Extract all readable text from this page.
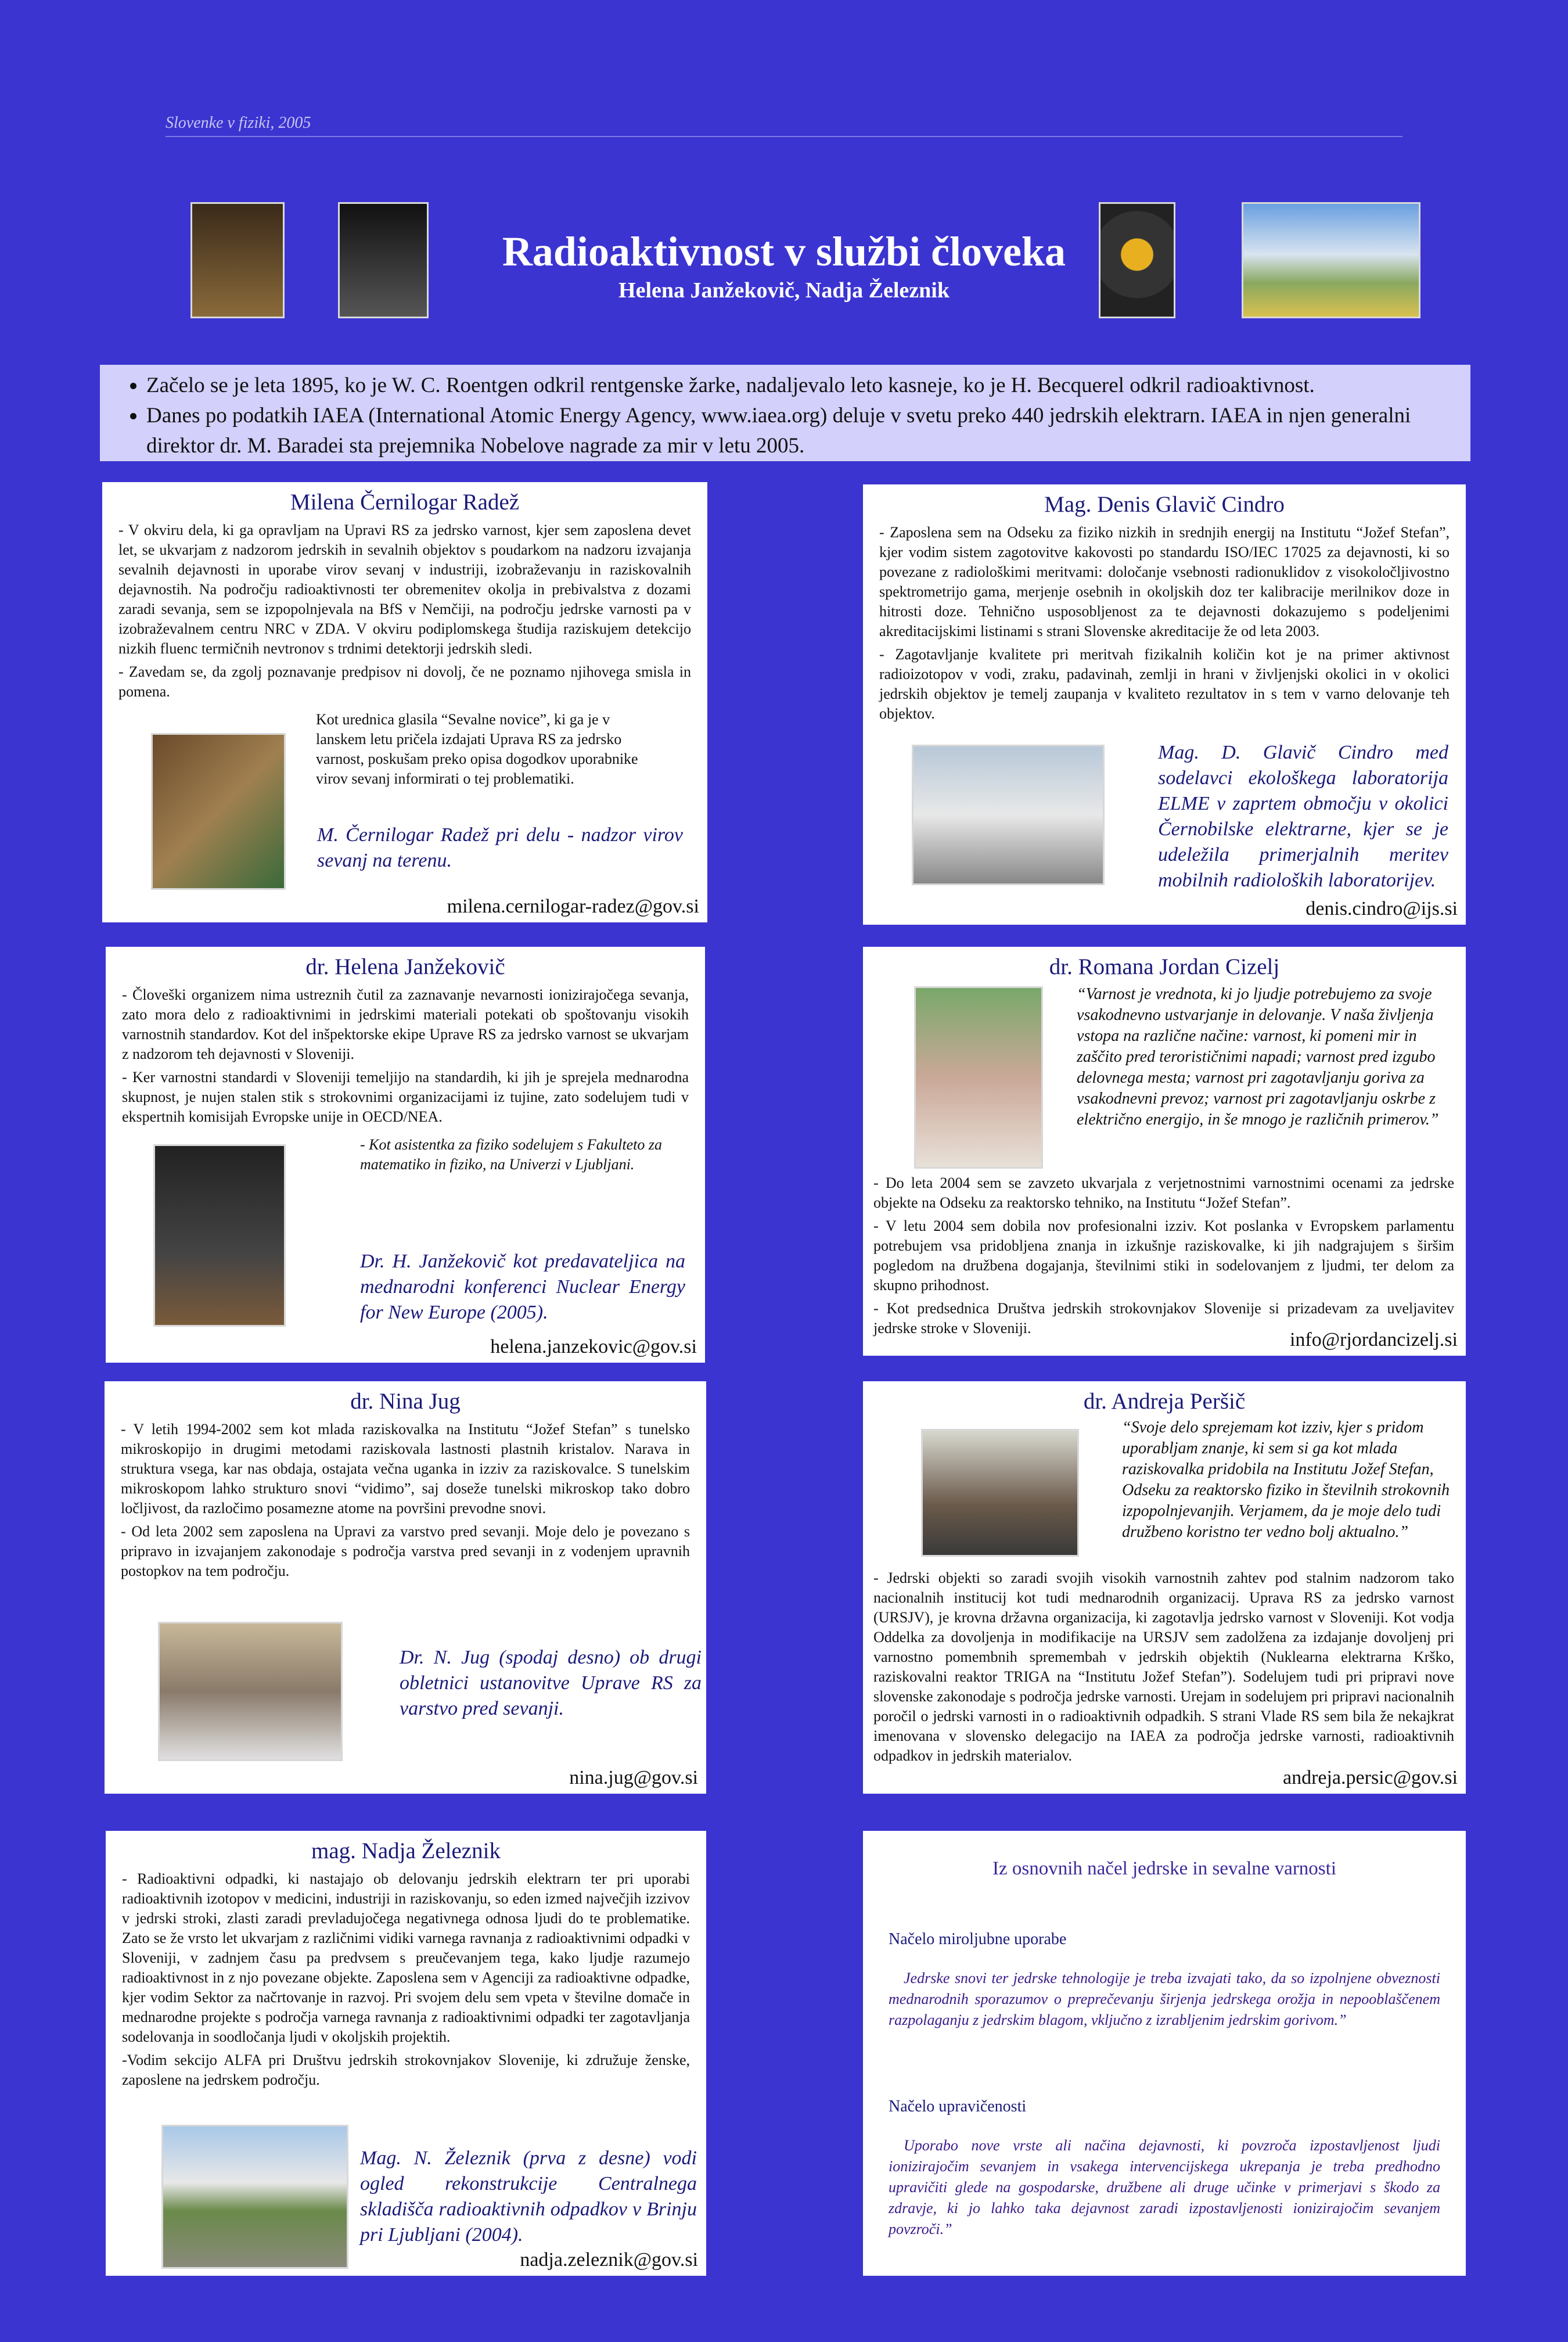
Slovenke v fiziki, 2005
Radioaktivnost v službi človeka
Helena Janžekovič, Nadja Železnik
• Začelo se je leta 1895, ko je W. C. Roentgen odkril rentgenske žarke, nadaljevalo leto kasneje, ko je H. Becquerel odkril radioaktivnost.
• Danes po podatkih IAEA (International Atomic Energy Agency, www.iaea.org) deluje v svetu preko 440 jedrskih elektrarn. IAEA in njen generalni direktor dr. M. Baradei sta prejemnika Nobelove nagrade za mir v letu 2005.
Milena Černilogar Radež

- V okviru dela, ki ga opravljam na Upravi RS za jedrsko varnost, kjer sem zaposlena devet let, se ukvarjam z nadzorom jedrskih in sevalnih objektov s poudarkom na nadzoru izvajanja sevalnih dejavnosti in uporabe virov sevanj v industriji, izobraževanju in raziskovalnih dejavnostih. Na področju radioaktivnosti ter obremenitev okolja in prebivalstva z dozami zaradi sevanja, sem se izpopolnjevala na BfS v Nemčiji, na področju jedrske varnosti pa v izobraževalnem centru NRC v ZDA. V okviru podiplomskega študija raziskujem detekcijo nizkih fluenc termičnih nevtronov s trdnimi detektorji jedrskih sledi.

- Zavedam se, da zgolj poznavanje predpisov ni dovolj, če ne poznamo njihovega smisla in pomena.

Kot urednica glasila “Sevalne novice”, ki ga je v lanskem letu pričela izdajati Uprava RS za jedrsko varnost, poskušam preko opisa dogodkov uporabnike virov sevanj informirati o tej problematiki.
M. Černilogar Radež pri delu - nadzor virov sevanj na terenu.
milena.cernilogar-radez@gov.si
Mag. Denis Glavič Cindro

- Zaposlena sem na Odseku za fiziko nizkih in srednjih energij na Institutu “Jožef Stefan”, kjer vodim sistem zagotovitve kakovosti po standardu ISO/IEC 17025 za dejavnosti, ki so povezane z radiološkimi meritvami: določanje vsebnosti radionuklidov z visokoločljivostno spektrometrijo gama, merjenje osebnih in okoljskih doz ter kalibracije merilnikov doze in hitrosti doze. Tehnično usposobljenost za te dejavnosti dokazujemo s podeljenimi akreditacijskimi listinami s strani Slovenske akreditacije že od leta 2003.

- Zagotavljanje kvalitete pri meritvah fizikalnih količin kot je na primer aktivnost radioizotopov v vodi, zraku, padavinah, zemlji in hrani v življenjski okolici in v okolici jedrskih objektov je temelj zaupanja v kvaliteto rezultatov in s tem v varno delovanje teh objektov.

Mag. D. Glavič Cindro med sodelavci ekološkega laboratorija ELME v zaprtem območju v okolici Černobilske elektrarne, kjer se je udeležila primerjalnih meritev mobilnih radioloških laboratorijev.
denis.cindro@ijs.si
dr. Helena Janžekovič

- Človeški organizem nima ustreznih čutil za zaznavanje nevarnosti ionizirajočega sevanja, zato mora delo z radioaktivnimi in jedrskimi materiali potekati ob spoštovanju visokih varnostnih standardov. Kot del inšpektorske ekipe Uprave RS za jedrsko varnost se ukvarjam z nadzorom teh dejavnosti v Sloveniji.

- Ker varnostni standardi v Sloveniji temeljijo na standardih, ki jih je sprejela mednarodna skupnost, je nujen stalen stik s strokovnimi organizacijami iz tujine, zato sodelujem tudi v ekspertnih komisijah Evropske unije in OECD/NEA.

- Kot asistentka za fiziko sodelujem s Fakulteto za matematiko in fiziko, na Univerzi v Ljubljani.
Dr. H. Janžekovič kot predavateljica na mednarodni konferenci Nuclear Energy for New Europe (2005).
helena.janzekovic@gov.si
dr. Romana Jordan Cizelj
“Varnost je vrednota, ki jo ljudje potrebujemo za svoje vsakodnevno ustvarjanje in delovanje. V naša življenja vstopa na različne načine: varnost, ki pomeni mir in zaščito pred terorističnimi napadi; varnost pred izgubo delovnega mesta; varnost pri zagotavljanju goriva za vsakodnevni prevoz; varnost pri zagotavljanju oskrbe z električno energijo, in še mnogo je različnih primerov.”

- Do leta 2004 sem se zavzeto ukvarjala z verjetnostnimi varnostnimi ocenami za jedrske objekte na Odseku za reaktorsko tehniko, na Institutu “Jožef Stefan”.

- V letu 2004 sem dobila nov profesionalni izziv. Kot poslanka v Evropskem parlamentu potrebujem vsa pridobljena znanja in izkušnje raziskovalke, ki jih nadgrajujem s širšim pogledom na družbena dogajanja, številnimi stiki in sodelovanjem z ljudmi, ter delom za skupno prihodnost.

- Kot predsednica Društva jedrskih strokovnjakov Slovenije si prizadevam za uveljavitev jedrske stroke v Sloveniji.

info@rjordancizelj.si
dr. Nina Jug

- V letih 1994-2002 sem kot mlada raziskovalka na Institutu “Jožef Stefan” s tunelsko mikroskopijo in drugimi metodami raziskovala lastnosti plastnih kristalov. Narava in struktura vsega, kar nas obdaja, ostajata večna uganka in izziv za raziskovalce. S tunelskim mikroskopom lahko strukturo snovi “vidimo”, saj doseže tunelski mikroskop tako dobro ločljivost, da razločimo posamezne atome na površini prevodne snovi.

- Od leta 2002 sem zaposlena na Upravi za varstvo pred sevanji. Moje delo je povezano s pripravo in izvajanjem zakonodaje s področja varstva pred sevanji in z vodenjem upravnih postopkov na tem področju.

Dr. N. Jug (spodaj desno) ob drugi obletnici ustanovitve Uprave RS za varstvo pred sevanji.
nina.jug@gov.si
dr. Andreja Peršič
“Svoje delo sprejemam kot izziv, kjer s pridom uporabljam znanje, ki sem si ga kot mlada raziskovalka pridobila na Institutu Jožef Stefan, Odseku za reaktorsko fiziko in številnih strokovnih izpopolnjevanjih. Verjamem, da je moje delo tudi družbeno koristno ter vedno bolj aktualno.”

- Jedrski objekti so zaradi svojih visokih varnostnih zahtev pod stalnim nadzorom tako nacionalnih institucij kot tudi mednarodnih organizacij. Uprava RS za jedrsko varnost (URSJV), je krovna državna organizacija, ki zagotavlja jedrsko varnost v Sloveniji. Kot vodja Oddelka za dovoljenja in modifikacije na URSJV sem zadolžena za izdajanje dovoljenj pri varnostno pomembnih spremembah v jedrskih objektih (Nuklearna elektrarna Krško, raziskovalni reaktor TRIGA na “Institutu Jožef Stefan”). Sodelujem tudi pri pripravi nove slovenske zakonodaje s področja jedrske varnosti. Urejam in sodelujem pri pripravi nacionalnih poročil o jedrski varnosti in o radioaktivnih odpadkih. S strani Vlade RS sem bila že nekajkrat imenovana v slovensko delegacijo na IAEA za področja jedrske varnosti, radioaktivnih odpadkov in jedrskih materialov.

andreja.persic@gov.si
mag. Nadja Železnik

- Radioaktivni odpadki, ki nastajajo ob delovanju jedrskih elektrarn ter pri uporabi radioaktivnih izotopov v medicini, industriji in raziskovanju, so eden izmed največjih izzivov v jedrski stroki, zlasti zaradi prevladujočega negativnega odnosa ljudi do te problematike. Zato se že vrsto let ukvarjam z različnimi vidiki varnega ravnanja z radioaktivnimi odpadki v Sloveniji, v zadnjem času pa predvsem s preučevanjem tega, kako ljudje razumejo radioaktivnost in z njo povezane objekte. Zaposlena sem v Agenciji za radioaktivne odpadke, kjer vodim Sektor za načrtovanje in razvoj. Pri svojem delu sem vpeta v številne domače in mednarodne projekte s področja varnega ravnanja z radioaktivnimi odpadki ter zagotavljanja sodelovanja in soodločanja ljudi v okoljskih projektih.

-Vodim sekcijo ALFA pri Društvu jedrskih strokovnjakov Slovenije, ki združuje ženske, zaposlene na jedrskem področju.

Mag. N. Železnik (prva z desne) vodi ogled rekonstrukcije Centralnega skladišča radioaktivnih odpadkov v Brinju pri Ljubljani (2004).
nadja.zeleznik@gov.si
Iz osnovnih načel jedrske in sevalne varnosti
Načelo miroljubne uporabe
Jedrske snovi ter jedrske tehnologije je treba izvajati tako, da so izpolnjene obveznosti mednarodnih sporazumov o preprečevanju širjenja jedrskega orožja in nepooblaščenem razpolaganju z jedrskim blagom, vključno z izrabljenim jedrskim gorivom.”
Načelo upravičenosti
Uporabo nove vrste ali načina dejavnosti, ki povzroča izpostavljenost ljudi ionizirajočim sevanjem in vsakega intervencijskega ukrepanja je treba predhodno upravičiti glede na gospodarske, družbene ali druge učinke v primerjavi s škodo za zdravje, ki jo lahko taka dejavnost zaradi izpostavljenosti ionizirajočim sevanjem povzroči.”
